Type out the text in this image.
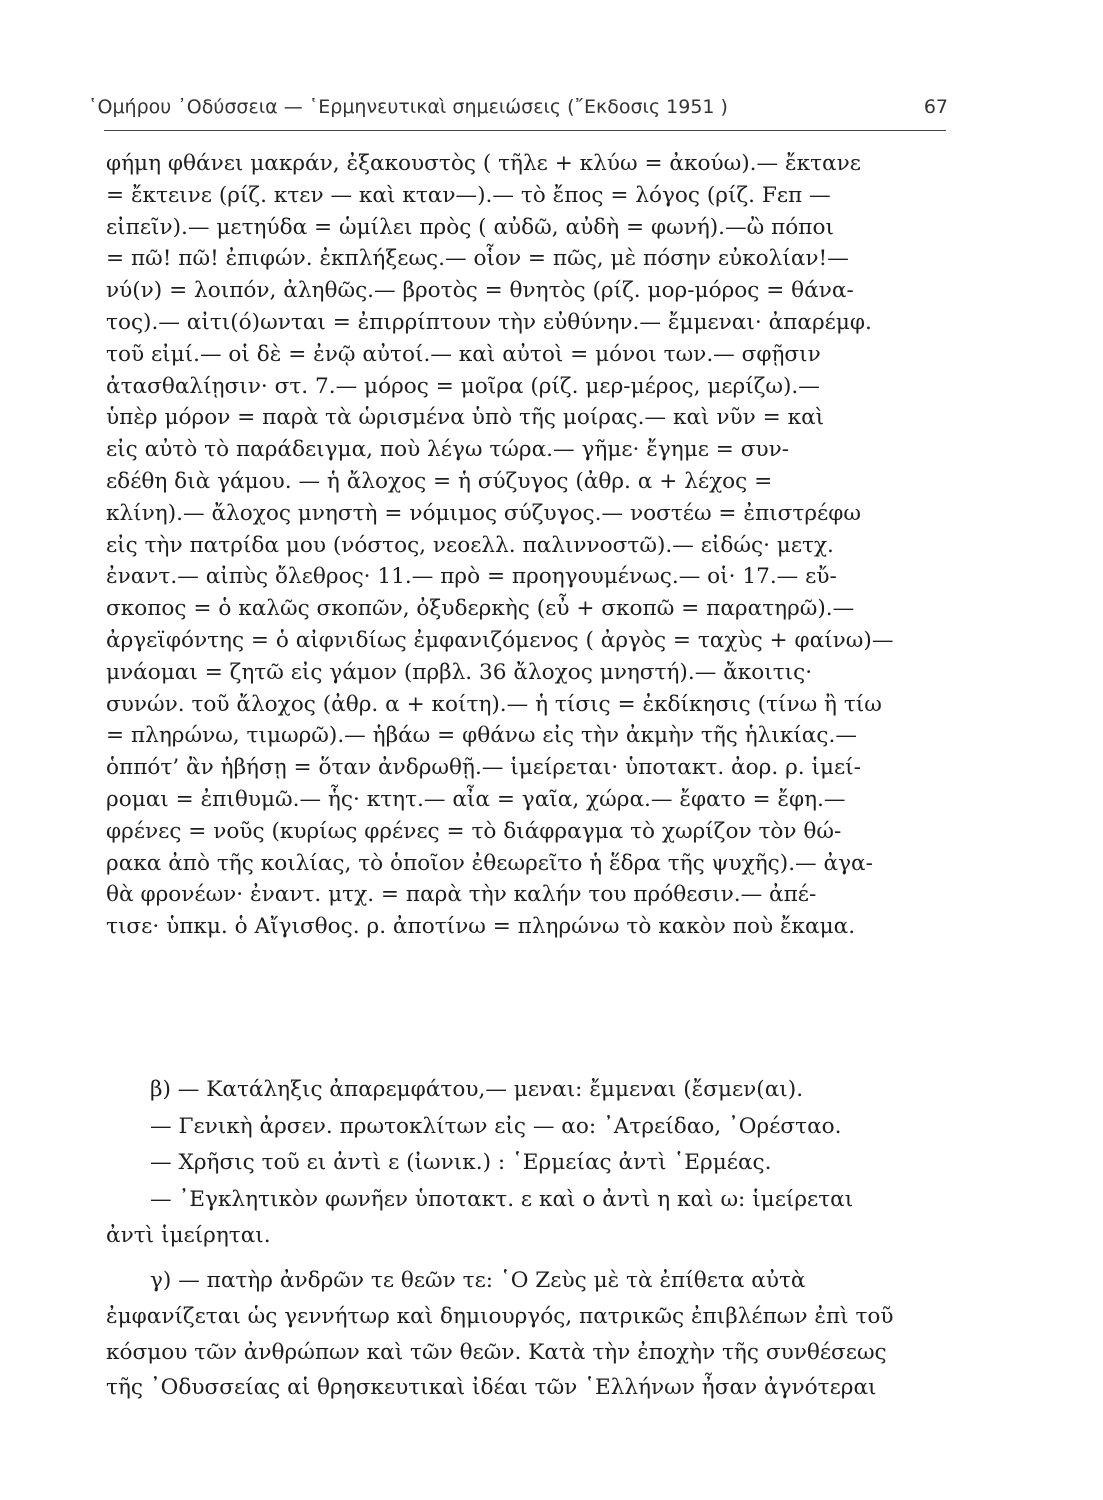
῾Ομήρου ᾿Οδύσσεια — ῾Ερμηνευτικαὶ σημειώσεις (῎Εκδοσις 1951 )	67
φήμη φθάνει μακράν, ἐξακουστὸς ( τῆλε + κλύω = ἀκούω).— ἔκτανε
= ἔκτεινε (ρίζ. κτεν — καὶ κταν—).— τὸ ἔπος = λόγος (ρίζ. Fεπ —
εἰπεῖν).— μετηύδα = ὡμίλει πρὸς ( αὐδῶ, αὐδὴ = φωνή).—ὢ πόποι
= πῶ! πῶ! ἐπιφών. ἐκπλήξεως.— οἷον = πῶς, μὲ πόσην εὐκολίαν!—
νύ(ν) = λοιπόν, ἀληθῶς.— βροτὸς = θνητὸς (ρίζ. μορ-μόρος = θάνα-
τος).— αἰτι(ό)ωνται = ἐπιρρίπτουν τὴν εὐθύνην.— ἔμμεναι· ἀπαρέμφ.
τοῦ εἰμί.— οἱ δὲ = ἐνῷ αὐτοί.— καὶ αὐτοὶ = μόνοι των.— σφῇσιν
ἀτασθαλίῃσιν· στ. 7.— μόρος = μοῖρα (ρίζ. μερ-μέρος, μερίζω).—
ὑπὲρ μόρον = παρὰ τὰ ὡρισμένα ὑπὸ τῆς μοίρας.— καὶ νῦν = καὶ
εἰς αὐτὸ τὸ παράδειγμα, ποὺ λέγω τώρα.— γῆμε· ἔγημε = συν-
εδέθη διὰ γάμου. — ἡ ἄλοχος = ἡ σύζυγος (ἀθρ. α + λέχος =
κλίνη).— ἄλοχος μνηστὴ = νόμιμος σύζυγος.— νοστέω = ἐπιστρέφω
εἰς τὴν πατρίδα μου (νόστος, νεοελλ. παλιννοστῶ).— εἰδώς· μετχ.
ἐναντ.— αἰπὺς ὄλεθρος· 11.— πρὸ = προηγουμένως.— οἱ· 17.— εὔ-
σκοπος = ὁ καλῶς σκοπῶν, ὀξυδερκὴς (εὖ + σκοπῶ = παρατηρῶ).—
ἀργεϊφόντης = ὁ αἰφνιδίως ἐμφανιζόμενος ( ἀργὸς = ταχὺς + φαίνω)—
μνάομαι = ζητῶ εἰς γάμον (πρβλ. 36 ἄλοχος μνηστή).— ἄκοιτις·
συνών. τοῦ ἄλοχος (ἀθρ. α + κοίτη).— ἡ τίσις = ἐκδίκησις (τίνω ἢ τίω
= πληρώνω, τιμωρῶ).— ἡβάω = φθάνω εἰς τὴν ἀκμὴν τῆς ἡλικίας.—
ὁππότ’ ἂν ἡβήσῃ = ὅταν ἀνδρωθῇ.— ἱμείρεται· ὑποτακτ. ἀορ. ρ. ἱμεί-
ρομαι = ἐπιθυμῶ.— ἧς· κτητ.— αἶα = γαῖα, χώρα.— ἔφατο = ἔφη.—
φρένες = νοῦς (κυρίως φρένες = τὸ διάφραγμα τὸ χωρίζον τὸν θώ-
ρακα ἀπὸ τῆς κοιλίας, τὸ ὁποῖον ἐθεωρεῖτο ἡ ἕδρα τῆς ψυχῆς).— ἀγα-
θὰ φρονέων· ἐναντ. μτχ. = παρὰ τὴν καλήν του πρόθεσιν.— ἀπέ-
τισε· ὑπκμ. ὁ Αἴγισθος. ρ. ἀποτίνω = πληρώνω τὸ κακὸν ποὺ ἔκαμα.
β) — Κατάληξις ἀπαρεμφάτου,— μεναι: ἔμμεναι (ἔσμεν(αι).
— Γενικὴ ἀρσεν. πρωτοκλίτων εἰς — αο: ᾿Ατρείδαο, ᾿Ορέσταο.
— Χρῆσις τοῦ ει ἀντὶ ε (ἰωνικ.) : ῾Ερμείας ἀντὶ ῾Ερμέας.
— ᾿Εγκλητικὸν φωνῆεν ὑποτακτ. ε καὶ ο ἀντὶ η καὶ ω: ἱμείρεται
ἀντὶ ἱμείρηται.
γ) — πατὴρ ἀνδρῶν τε θεῶν τε: ῾Ο Ζεὺς μὲ τὰ ἐπίθετα αὐτὰ
ἐμφανίζεται ὡς γεννήτωρ καὶ δημιουργός, πατρικῶς ἐπιβλέπων ἐπὶ τοῦ
κόσμου τῶν ἀνθρώπων καὶ τῶν θεῶν. Κατὰ τὴν ἐποχὴν τῆς συνθέσεως
τῆς ᾿Οδυσσείας αἱ θρησκευτικαὶ ἰδέαι τῶν ῾Ελλήνων ἦσαν ἀγνότεραι
